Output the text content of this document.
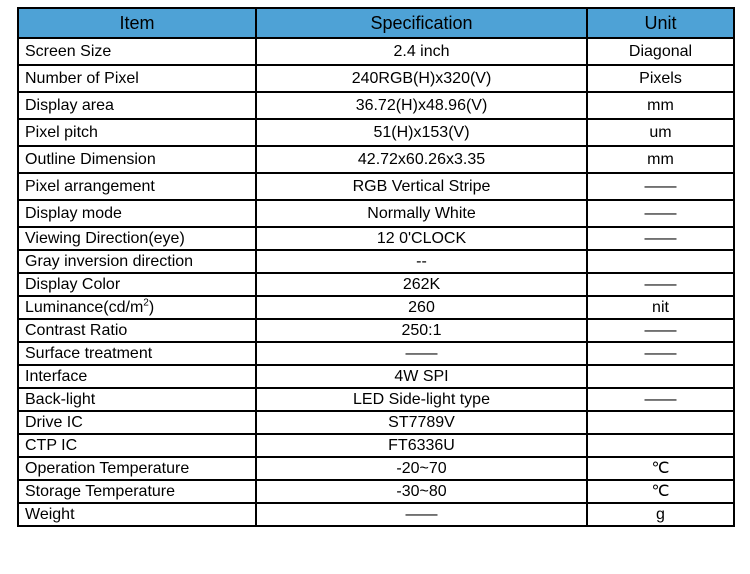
Item	Specification	Unit
Screen Size	2.4 inch	Diagonal
Number of Pixel	240RGB(H)x320(V)	Pixels
Display area	36.72(H)x48.96(V)	mm
Pixel pitch	51(H)x153(V)	um
Outline Dimension	42.72x60.26x3.35	mm
Pixel arrangement	RGB Vertical Stripe	——
Display mode	Normally White	——
Viewing Direction(eye)	12 0'CLOCK	——
Gray inversion direction	--	
Display Color	262K	——
$Luminance(cd/m^2)$	260	nit
Contrast Ratio	250:1	——
Surface treatment	——	——
Interface	4W SPI	
Back-light	LED Side-light type	——
Drive IC	ST7789V	
CTP IC	FT6336U	
Operation Temperature	-20~70	℃
Storage Temperature	-30~80	℃
Weight	——	g
